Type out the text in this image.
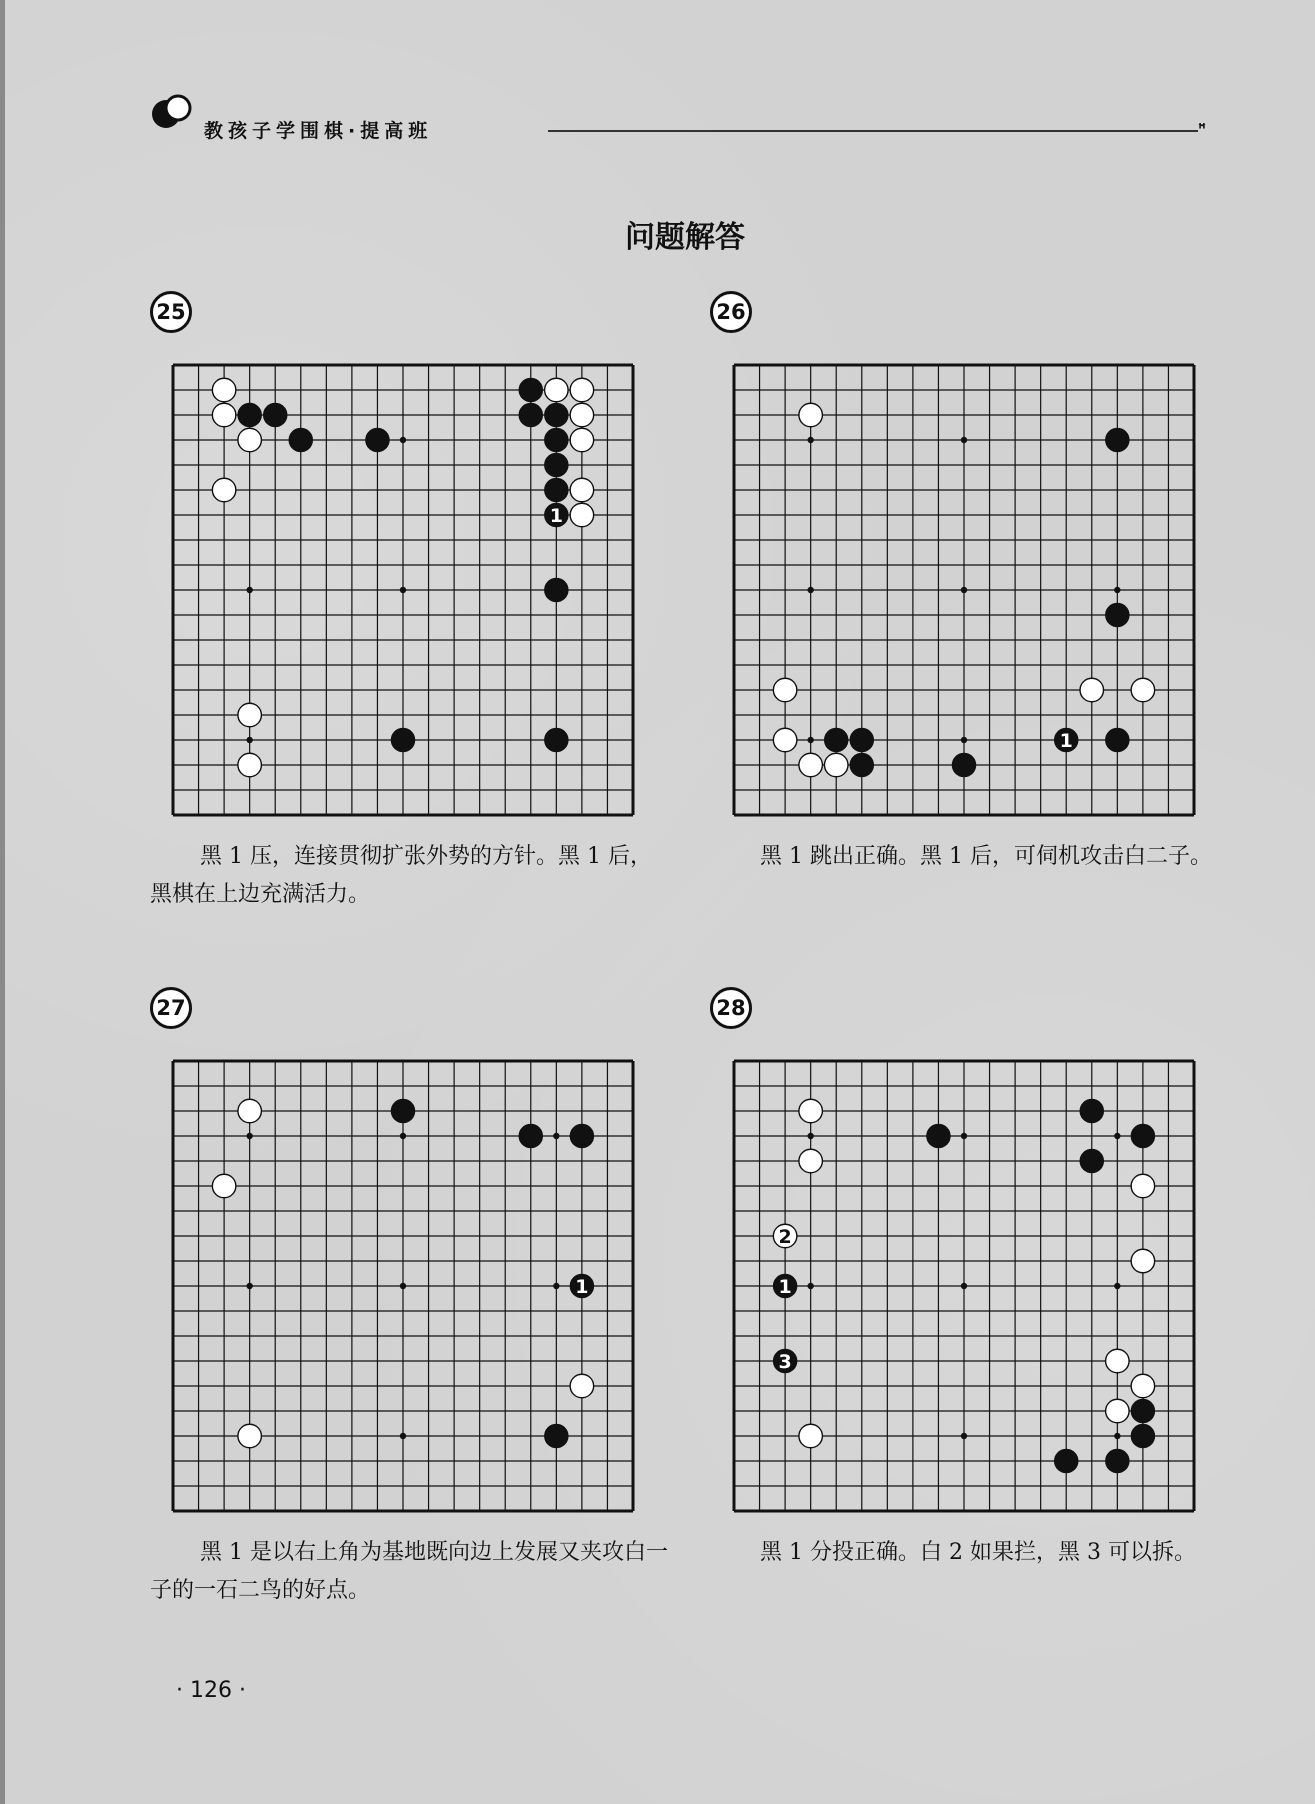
教孩子学围棋·提高班	ꟸ
问题解答
25
1
黑 1 压，连接贯彻扩张外势的方针。黑 1 后，黑棋在上边充满活力。
26
1
黑 1 跳出正确。黑 1 后，可伺机攻击白二子。
27
1
黑 1 是以右上角为基地既向边上发展又夹攻白一子的一石二鸟的好点。
28
2
1
3
黑 1 分投正确。白 2 如果拦，黑 3 可以拆。
· 126 ·
